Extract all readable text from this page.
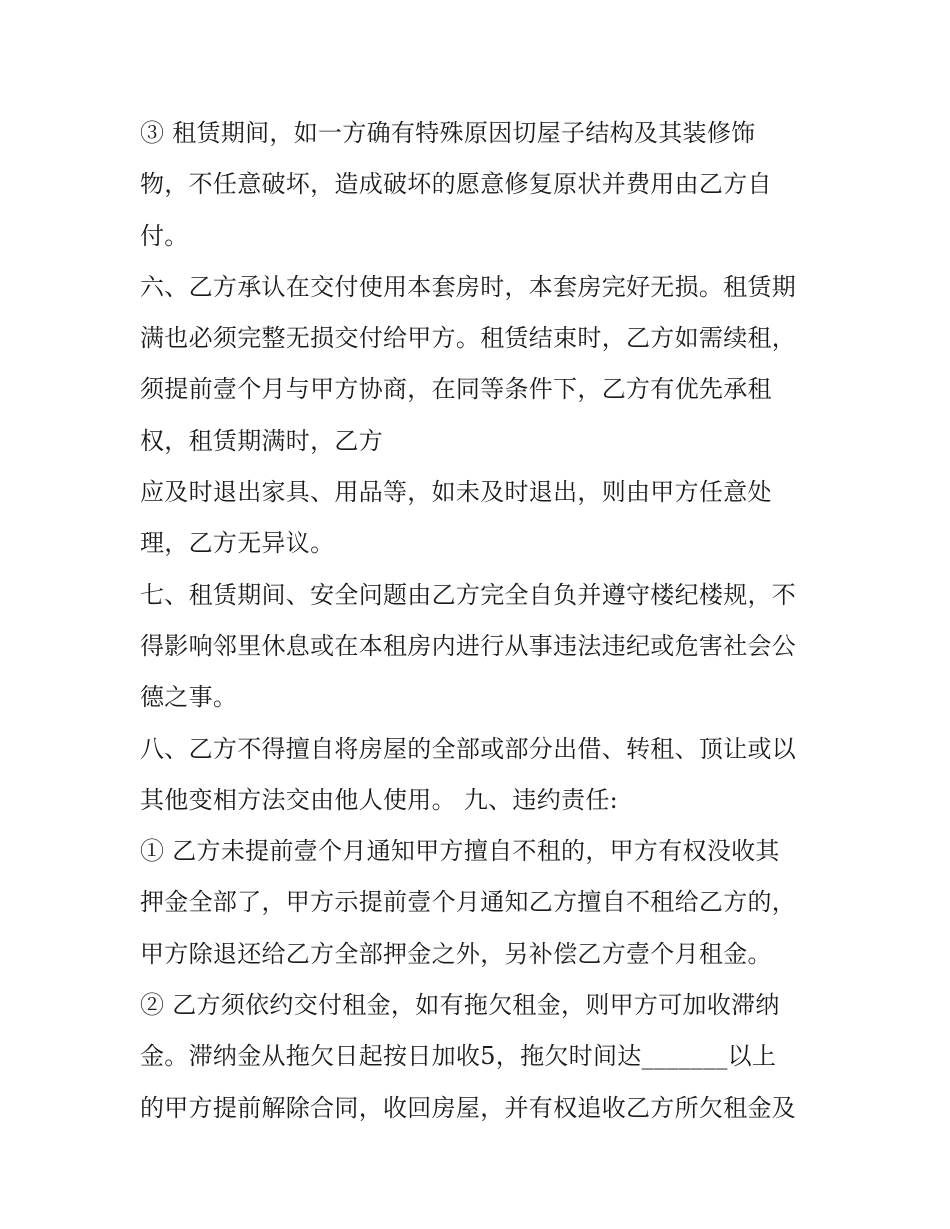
③ 租赁期间，如一方确有特殊原因切屋子结构及其装修饰
物，不任意破坏，造成破坏的愿意修复原状并费用由乙方自
付。
六、乙方承认在交付使用本套房时，本套房完好无损。租赁期
满也必须完整无损交付给甲方。租赁结束时，乙方如需续租，
须提前壹个月与甲方协商，在同等条件下，乙方有优先承租
权，租赁期满时，乙方
应及时退出家具、用品等，如未及时退出，则由甲方任意处
理，乙方无异议。
七、租赁期间、安全问题由乙方完全自负并遵守楼纪楼规，不
得影响邻里休息或在本租房内进行从事违法违纪或危害社会公
德之事。
八、乙方不得擅自将房屋的全部或部分出借、转租、顶让或以
其他变相方法交由他人使用。 九、违约责任:
① 乙方未提前壹个月通知甲方擅自不租的，甲方有权没收其
押金全部了，甲方示提前壹个月通知乙方擅自不租给乙方的，
甲方除退还给乙方全部押金之外，另补偿乙方壹个月租金。
② 乙方须依约交付租金，如有拖欠租金，则甲方可加收滞纳
金。滞纳金从拖欠日起按日加收5，拖欠时间达_______以上
的甲方提前解除合同，收回房屋，并有权追收乙方所欠租金及
